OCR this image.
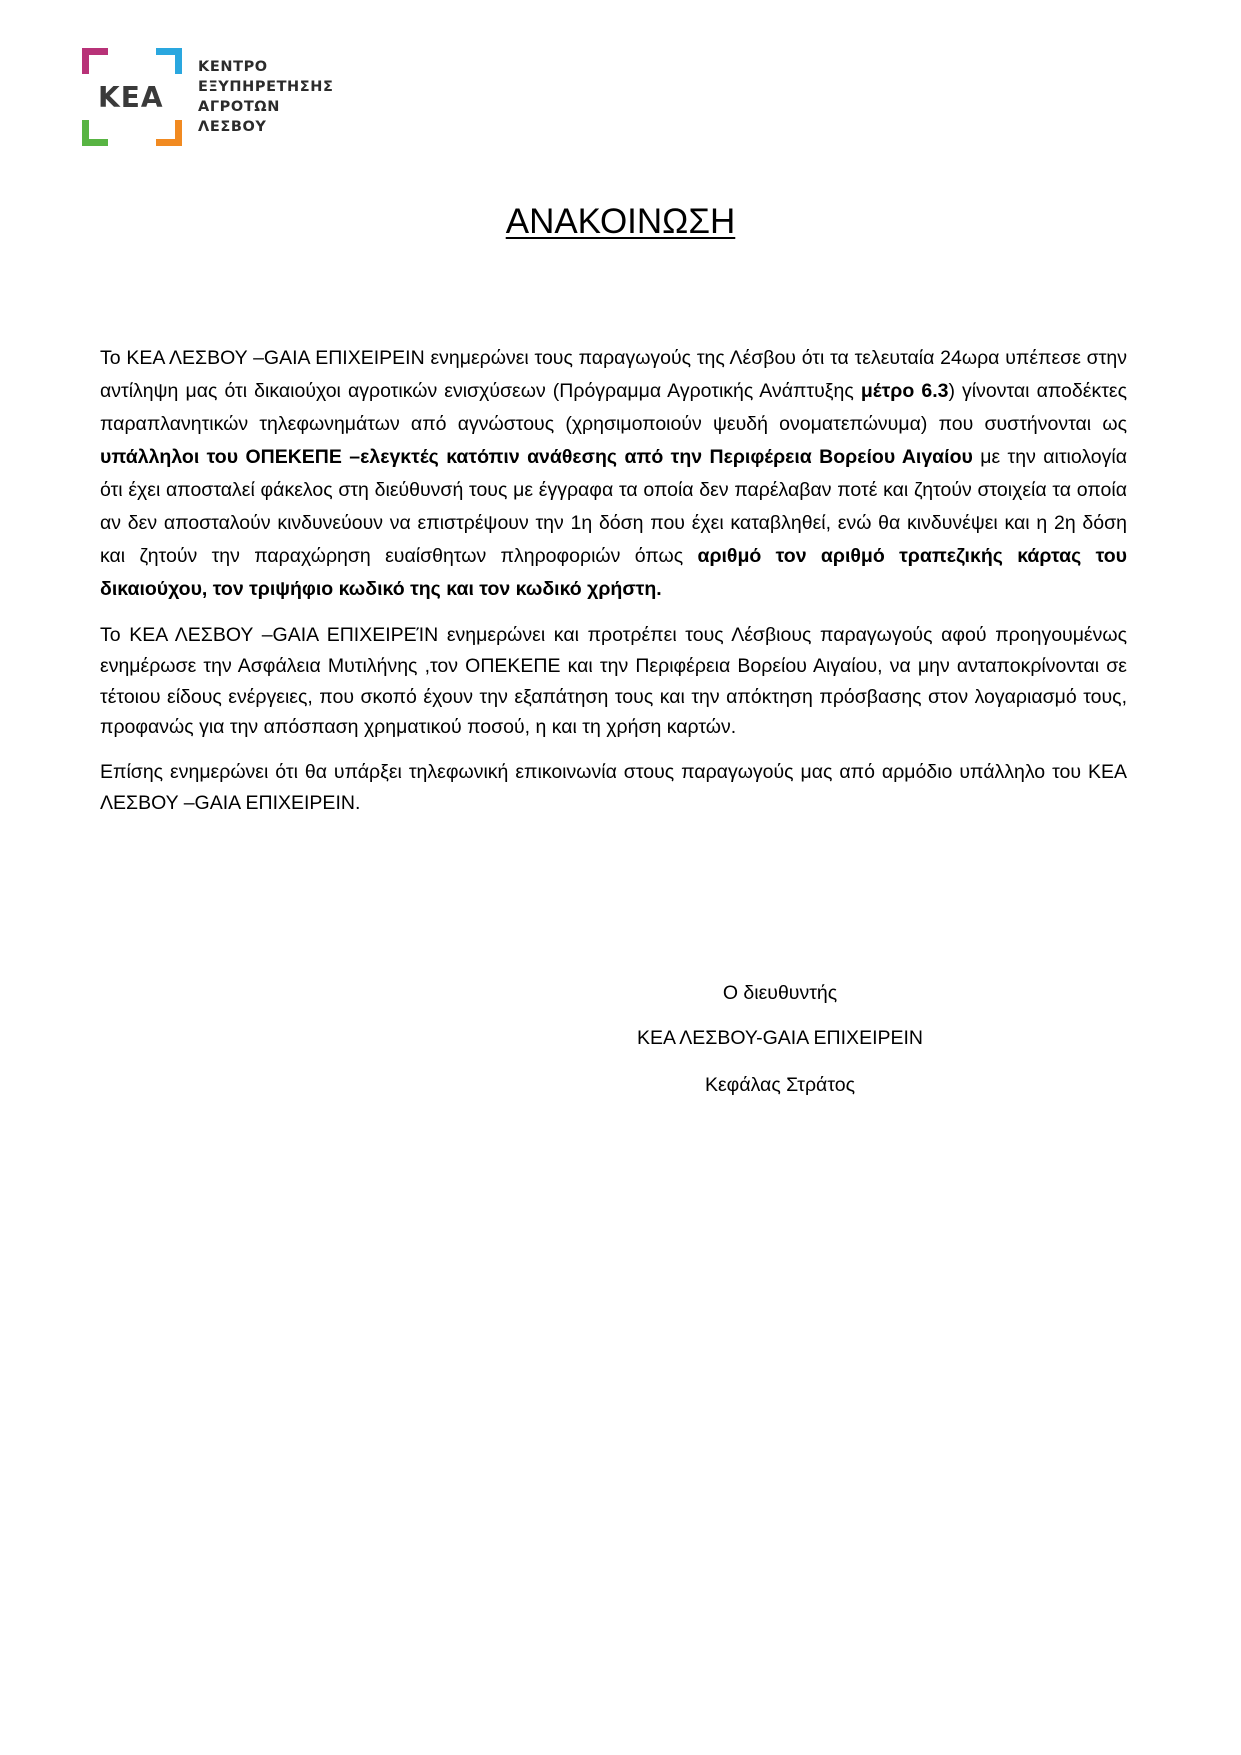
ΚΕΑ
ΚΕΝΤΡΟ
ΕΞΥΠΗΡΕΤΗΣΗΣ
ΑΓΡΟΤΩΝ
ΛΕΣΒΟΥ
ΑΝΑΚΟΙΝΩΣΗ

Το ΚΕΑ ΛΕΣΒΟΥ –GAIA ΕΠΙΧΕΙΡΕΙΝ ενημερώνει τους παραγωγούς της Λέσβου ότι τα τελευταία 24ωρα υπέπεσε στην αντίληψη μας ότι δικαιούχοι αγροτικών ενισχύσεων (Πρόγραμμα Αγροτικής Ανάπτυξης μέτρο 6.3) γίνονται αποδέκτες παραπλανητικών τηλεφωνημάτων από αγνώστους (χρησιμοποιούν ψευδή ονοματεπώνυμα) που συστήνονται ως υπάλληλοι του ΟΠΕΚΕΠΕ –ελεγκτές κατόπιν ανάθεσης από την Περιφέρεια Βορείου Αιγαίου με την αιτιολογία ότι έχει αποσταλεί φάκελος στη διεύθυνσή τους με έγγραφα τα οποία δεν παρέλαβαν ποτέ και ζητούν στοιχεία τα οποία αν δεν αποσταλούν κινδυνεύουν να επιστρέψουν την 1η δόση που έχει καταβληθεί, ενώ θα κινδυνέψει και η 2η δόση και ζητούν την παραχώρηση ευαίσθητων πληροφοριών όπως αριθμό τον αριθμό τραπεζικής κάρτας του δικαιούχου, τον τριψήφιο κωδικό της και τον κωδικό χρήστη.

Το ΚΕΑ ΛΕΣΒΟΥ –GAIA ΕΠΙΧΕΙΡΕΊΝ ενημερώνει και προτρέπει τους Λέσβιους παραγωγούς αφού προηγουμένως ενημέρωσε την Ασφάλεια Μυτιλήνης ,τον ΟΠΕΚΕΠΕ και την Περιφέρεια Βορείου Αιγαίου, να μην ανταποκρίνονται σε τέτοιου είδους ενέργειες, που σκοπό έχουν την εξαπάτηση τους και την απόκτηση πρόσβασης στον λογαριασμό τους, προφανώς για την απόσπαση χρηματικού ποσού, η και τη χρήση καρτών.

Επίσης ενημερώνει ότι θα υπάρξει τηλεφωνική επικοινωνία στους παραγωγούς μας από αρμόδιο υπάλληλο του ΚΕΑ ΛΕΣΒΟΥ –GAIA ΕΠΙΧΕΙΡΕΙΝ.

Ο διευθυντής
ΚΕΑ ΛΕΣΒΟΥ-GAIA ΕΠΙΧΕΙΡΕΙΝ
Κεφάλας Στράτος
